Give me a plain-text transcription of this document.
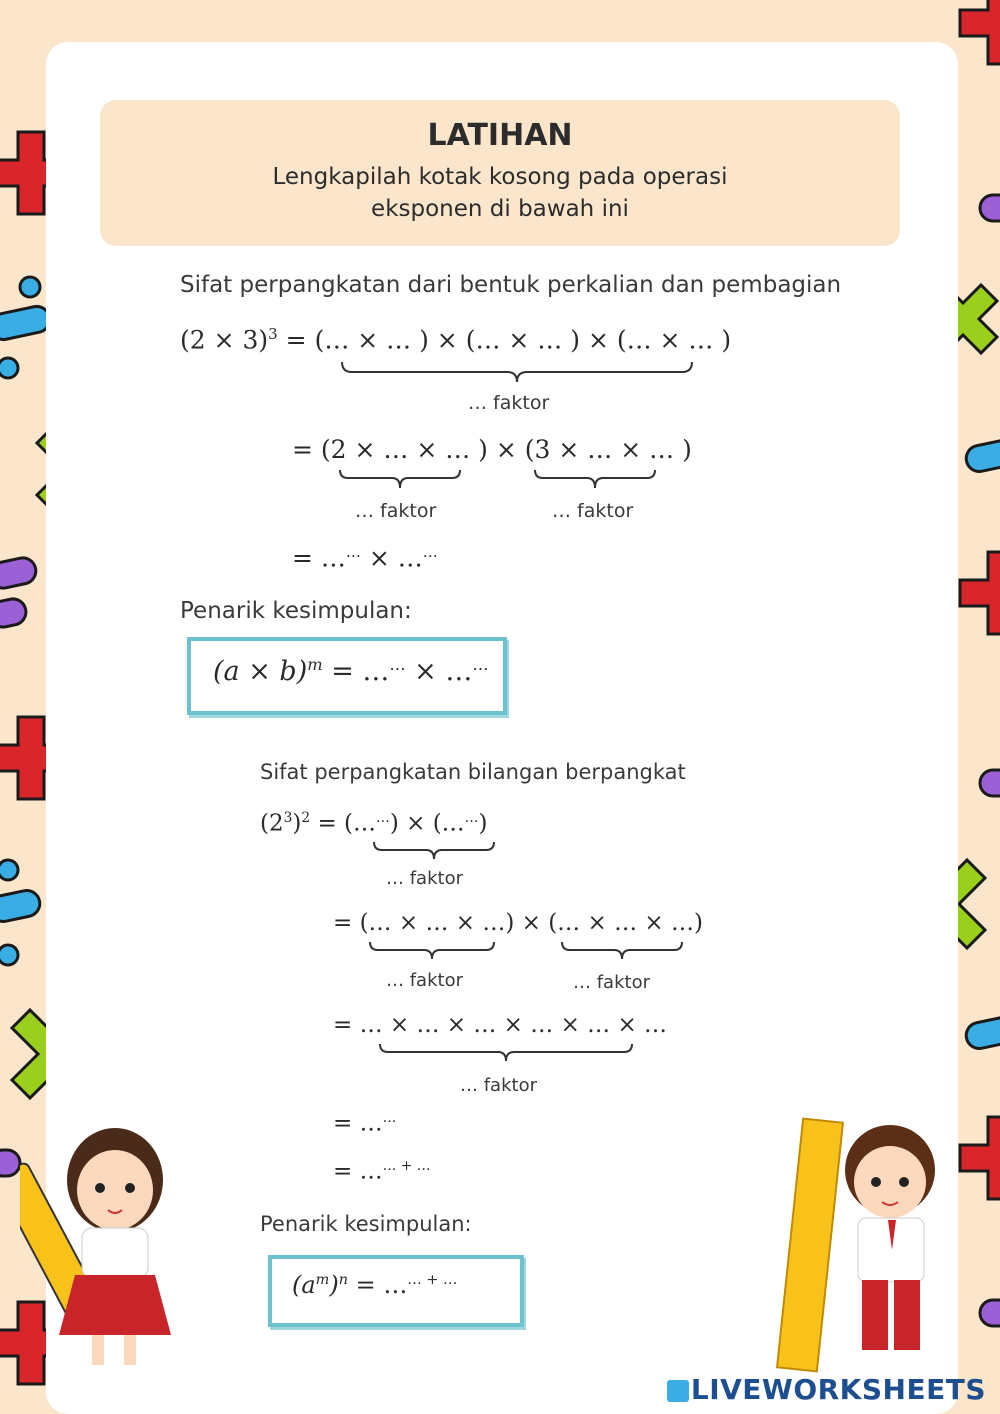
LATIHAN
Lengkapilah kotak kosong pada operasi
eksponen di bawah ini
Sifat perpangkatan dari bentuk perkalian dan pembagian
$(2 \times 3)^3$ = (… × … ) × (… × … ) × (… × … )
… faktor
= (2 × … × … ) × (3 × … × … )
… faktor	… faktor
= …… × ……
Penarik kesimpulan:
$(a \times b)^m$ = …… × ……
Sifat perpangkatan bilangan berpangkat
$(2^3)^2$ = (……) × (……)
… faktor
= (… × … × …) × (… × … × …)
… faktor	… faktor
= … × … × … × … × … × …
… faktor
= ……
= …… + …
Penarik kesimpulan:
$(a^m)^n$ = …… + …
LIVEWORKSHEETS
